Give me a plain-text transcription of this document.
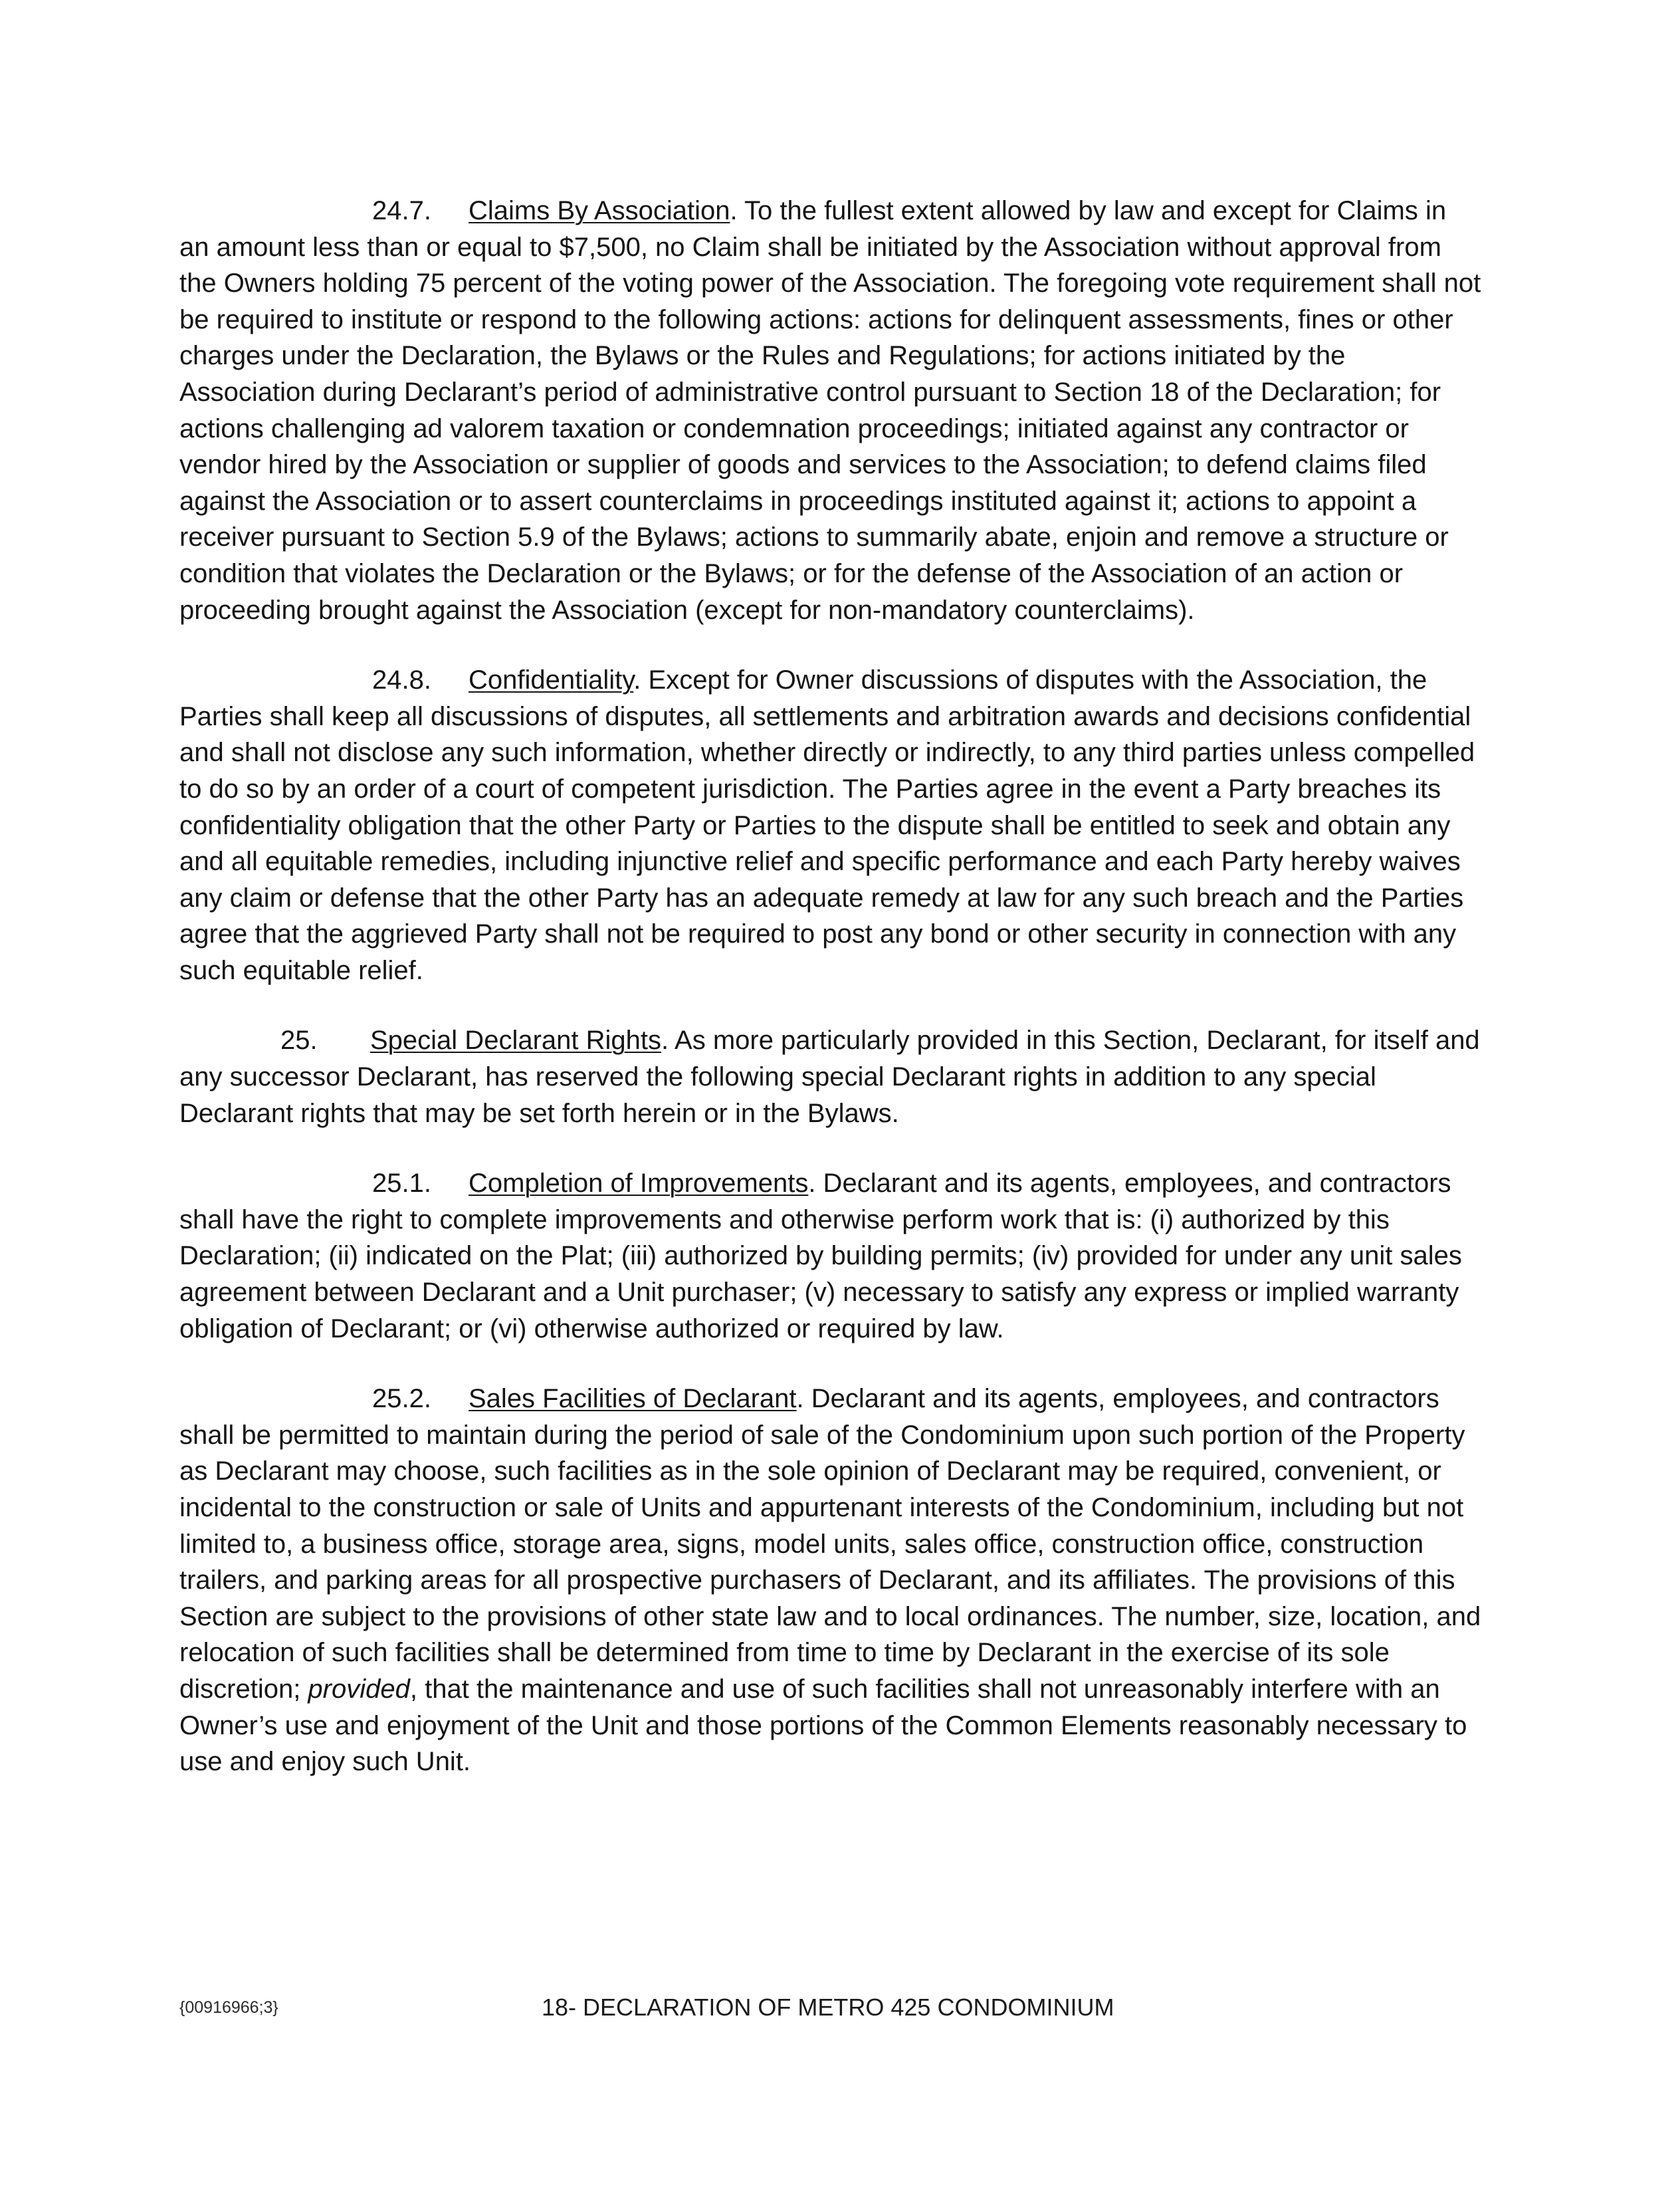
24.7. Claims By Association. To the fullest extent allowed by law and except for Claims in an amount less than or equal to $7,500, no Claim shall be initiated by the Association without approval from the Owners holding 75 percent of the voting power of the Association. The foregoing vote requirement shall not be required to institute or respond to the following actions: actions for delinquent assessments, fines or other charges under the Declaration, the Bylaws or the Rules and Regulations; for actions initiated by the Association during Declarant’s period of administrative control pursuant to Section 18 of the Declaration; for actions challenging ad valorem taxation or condemnation proceedings; initiated against any contractor or vendor hired by the Association or supplier of goods and services to the Association; to defend claims filed against the Association or to assert counterclaims in proceedings instituted against it; actions to appoint a receiver pursuant to Section 5.9 of the Bylaws; actions to summarily abate, enjoin and remove a structure or condition that violates the Declaration or the Bylaws; or for the defense of the Association of an action or proceeding brought against the Association (except for non-mandatory counterclaims).

24.8. Confidentiality. Except for Owner discussions of disputes with the Association, the Parties shall keep all discussions of disputes, all settlements and arbitration awards and decisions confidential and shall not disclose any such information, whether directly or indirectly, to any third parties unless compelled to do so by an order of a court of competent jurisdiction. The Parties agree in the event a Party breaches its confidentiality obligation that the other Party or Parties to the dispute shall be entitled to seek and obtain any and all equitable remedies, including injunctive relief and specific performance and each Party hereby waives any claim or defense that the other Party has an adequate remedy at law for any such breach and the Parties agree that the aggrieved Party shall not be required to post any bond or other security in connection with any such equitable relief.

25. Special Declarant Rights. As more particularly provided in this Section, Declarant, for itself and any successor Declarant, has reserved the following special Declarant rights in addition to any special Declarant rights that may be set forth herein or in the Bylaws.

25.1. Completion of Improvements. Declarant and its agents, employees, and contractors shall have the right to complete improvements and otherwise perform work that is: (i) authorized by this Declaration; (ii) indicated on the Plat; (iii) authorized by building permits; (iv) provided for under any unit sales agreement between Declarant and a Unit purchaser; (v) necessary to satisfy any express or implied warranty obligation of Declarant; or (vi) otherwise authorized or required by law.

25.2. Sales Facilities of Declarant. Declarant and its agents, employees, and contractors shall be permitted to maintain during the period of sale of the Condominium upon such portion of the Property as Declarant may choose, such facilities as in the sole opinion of Declarant may be required, convenient, or incidental to the construction or sale of Units and appurtenant interests of the Condominium, including but not limited to, a business office, storage area, signs, model units, sales office, construction office, construction trailers, and parking areas for all prospective purchasers of Declarant, and its affiliates. The provisions of this Section are subject to the provisions of other state law and to local ordinances. The number, size, location, and relocation of such facilities shall be determined from time to time by Declarant in the exercise of its sole discretion; provided, that the maintenance and use of such facilities shall not unreasonably interfere with an Owner’s use and enjoyment of the Unit and those portions of the Common Elements reasonably necessary to use and enjoy such Unit.

{00916966;3}	18- DECLARATION OF METRO 425 CONDOMINIUM
